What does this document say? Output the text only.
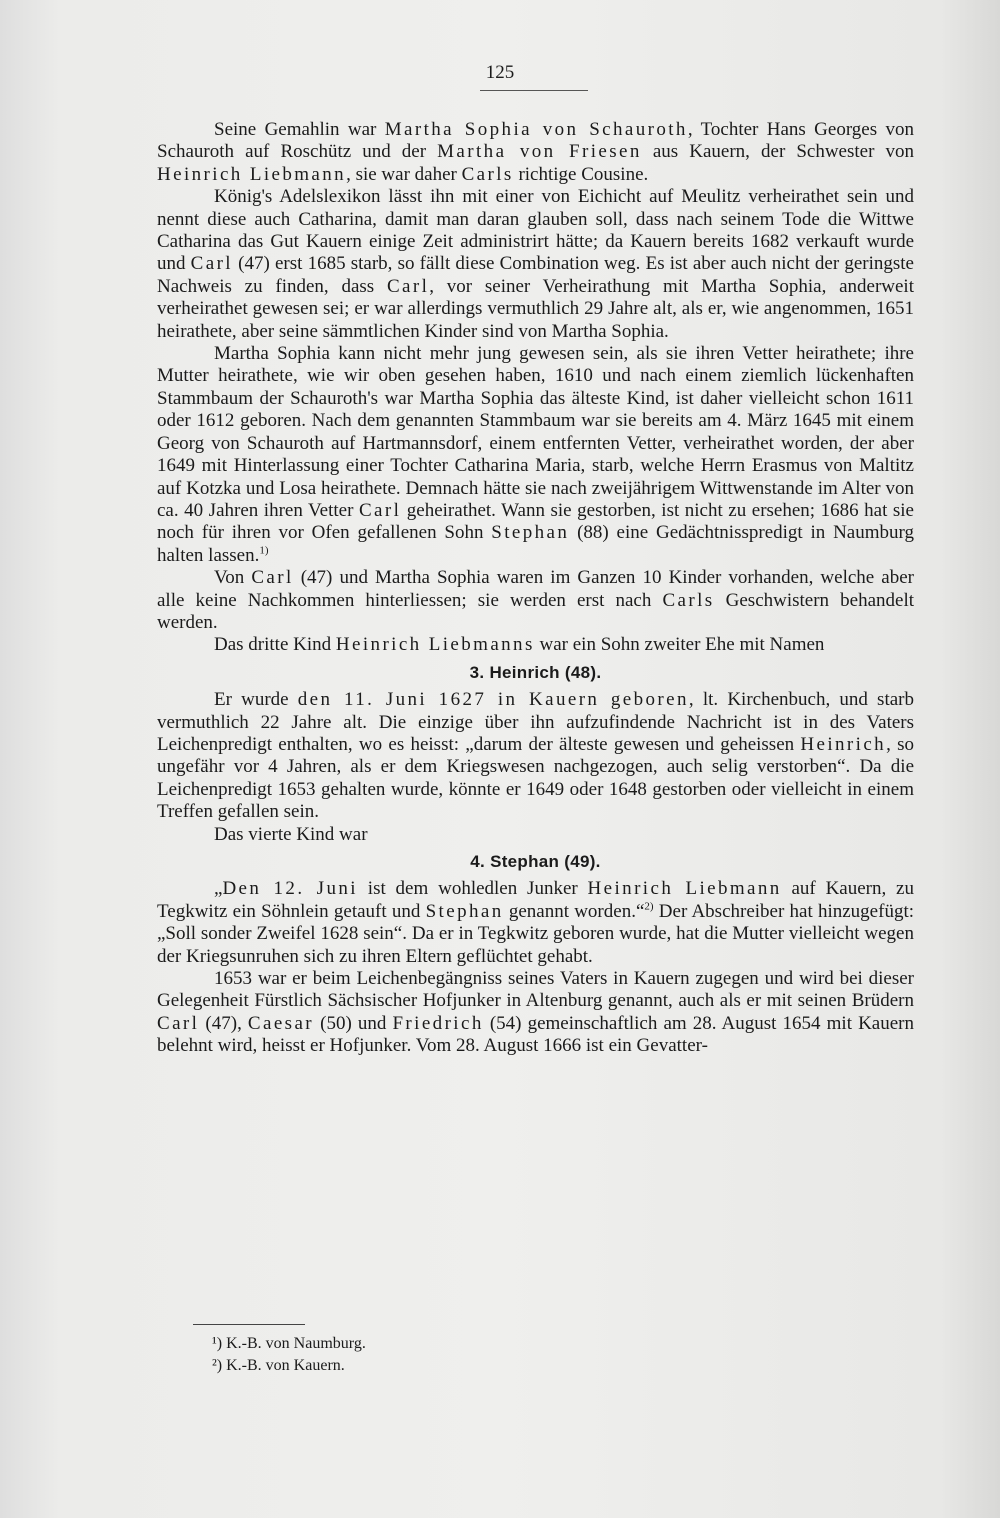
125

Seine Gemahlin war Martha Sophia von Schauroth, Tochter Hans Georges von Schauroth auf Roschütz und der Martha von Friesen aus Kauern, der Schwester von Heinrich Liebmann, sie war daher Carls richtige Cousine.

König's Adelslexikon lässt ihn mit einer von Eichicht auf Meulitz verheirathet sein und nennt diese auch Catharina, damit man daran glauben soll, dass nach seinem Tode die Wittwe Catharina das Gut Kauern einige Zeit administrirt hätte; da Kauern bereits 1682 verkauft wurde und Carl (47) erst 1685 starb, so fällt diese Combination weg. Es ist aber auch nicht der geringste Nachweis zu finden, dass Carl, vor seiner Verheirathung mit Martha Sophia, anderweit verheirathet gewesen sei; er war allerdings vermuthlich 29 Jahre alt, als er, wie angenommen, 1651 heirathete, aber seine sämmtlichen Kinder sind von Martha Sophia.

Martha Sophia kann nicht mehr jung gewesen sein, als sie ihren Vetter heirathete; ihre Mutter heirathete, wie wir oben gesehen haben, 1610 und nach einem ziemlich lückenhaften Stammbaum der Schauroth's war Martha Sophia das älteste Kind, ist daher vielleicht schon 1611 oder 1612 geboren. Nach dem genannten Stammbaum war sie bereits am 4. März 1645 mit einem Georg von Schauroth auf Hartmannsdorf, einem entfernten Vetter, verheirathet worden, der aber 1649 mit Hinterlassung einer Tochter Catharina Maria, starb, welche Herrn Erasmus von Maltitz auf Kotzka und Losa heirathete. Demnach hätte sie nach zweijährigem Wittwenstande im Alter von ca. 40 Jahren ihren Vetter Carl geheirathet. Wann sie gestorben, ist nicht zu ersehen; 1686 hat sie noch für ihren vor Ofen gefallenen Sohn Stephan (88) eine Gedächtnisspredigt in Naumburg halten lassen.$^{1)}$

Von Carl (47) und Martha Sophia waren im Ganzen 10 Kinder vorhanden, welche aber alle keine Nachkommen hinterliessen; sie werden erst nach Carls Geschwistern behandelt werden.

Das dritte Kind Heinrich Liebmanns war ein Sohn zweiter Ehe mit Namen

3. Heinrich (48).

Er wurde den 11. Juni 1627 in Kauern geboren, lt. Kirchenbuch, und starb vermuthlich 22 Jahre alt. Die einzige über ihn aufzufindende Nachricht ist in des Vaters Leichenpredigt enthalten, wo es heisst: „darum der älteste gewesen und geheissen Heinrich, so ungefähr vor 4 Jahren, als er dem Kriegswesen nachgezogen, auch selig verstorben“. Da die Leichenpredigt 1653 gehalten wurde, könnte er 1649 oder 1648 gestorben oder vielleicht in einem Treffen gefallen sein.

Das vierte Kind war

4. Stephan (49).

„Den 12. Juni ist dem wohledlen Junker Heinrich Liebmann auf Kauern, zu Tegkwitz ein Söhnlein getauft und Stephan genannt worden.“$^{2)}$ Der Abschreiber hat hinzugefügt: „Soll sonder Zweifel 1628 sein“. Da er in Tegkwitz geboren wurde, hat die Mutter vielleicht wegen der Kriegsunruhen sich zu ihren Eltern geflüchtet gehabt.

1653 war er beim Leichenbegängniss seines Vaters in Kauern zugegen und wird bei dieser Gelegenheit Fürstlich Sächsischer Hofjunker in Altenburg genannt, auch als er mit seinen Brüdern Carl (47), Caesar (50) und Friedrich (54) gemeinschaftlich am 28. August 1654 mit Kauern belehnt wird, heisst er Hofjunker. Vom 28. August 1666 ist ein Gevatter-

¹) K.-B. von Naumburg.
²) K.-B. von Kauern.
